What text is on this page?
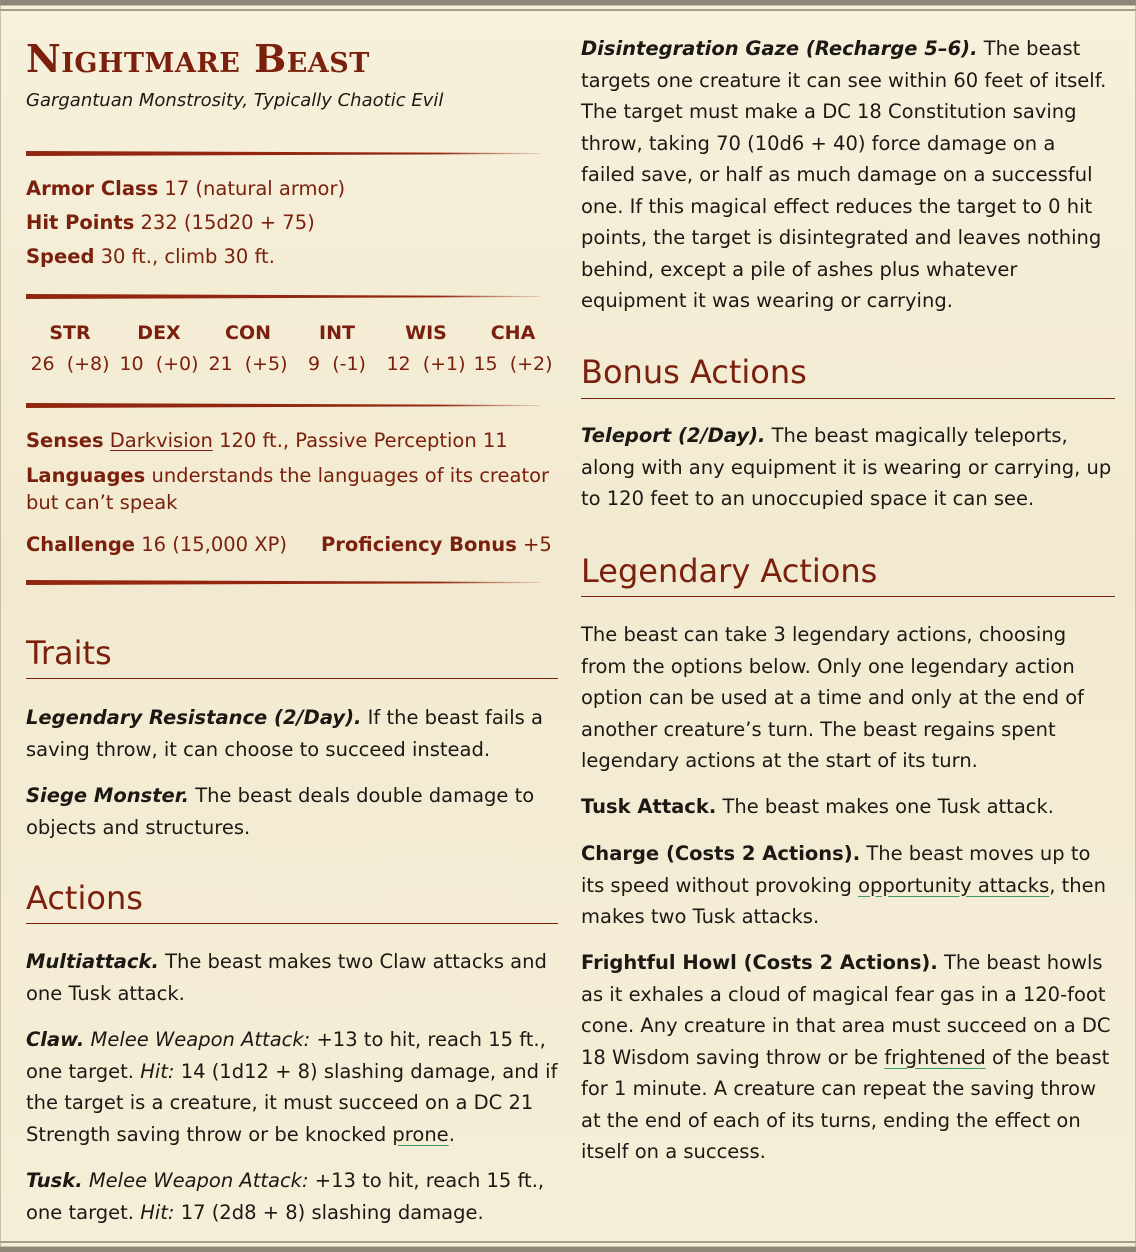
Nightmare Beast
Gargantuan Monstrosity, Typically Chaotic Evil
Armor Class 17 (natural armor)
Hit Points 232 (15d20 + 75)
Speed 30 ft., climb 30 ft.
STR
26 (+8)
DEX
10 (+0)
CON
21 (+5)
INT
9 (-1)
WIS
12 (+1)
CHA
15 (+2)
Senses Darkvision 120 ft., Passive Perception 11
Languages understands the languages of its creator but can’t speak
Challenge 16 (15,000 XP) Proficiency Bonus +5
Traits

Legendary Resistance (2/Day). If the beast fails a saving throw, it can choose to succeed instead.

Siege Monster. The beast deals double damage to objects and structures.

Actions

Multiattack. The beast makes two Claw attacks and one Tusk attack.

Claw. Melee Weapon Attack: +13 to hit, reach 15 ft., one target. Hit: 14 (1d12 + 8) slashing damage, and if the target is a creature, it must succeed on a DC 21 Strength saving throw or be knocked prone.

Tusk. Melee Weapon Attack: +13 to hit, reach 15 ft., one target. Hit: 17 (2d8 + 8) slashing damage.

Disintegration Gaze (Recharge 5–6). The beast targets one creature it can see within 60 feet of itself. The target must make a DC 18 Constitution saving throw, taking 70 (10d6 + 40) force damage on a failed save, or half as much damage on a successful one. If this magical effect reduces the target to 0 hit points, the target is disintegrated and leaves nothing behind, except a pile of ashes plus whatever equipment it was wearing or carrying.

Bonus Actions

Teleport (2/Day). The beast magically teleports, along with any equipment it is wearing or carrying, up to 120 feet to an unoccupied space it can see.

Legendary Actions

The beast can take 3 legendary actions, choosing from the options below. Only one legendary action option can be used at a time and only at the end of another creature’s turn. The beast regains spent legendary actions at the start of its turn.

Tusk Attack. The beast makes one Tusk attack.

Charge (Costs 2 Actions). The beast moves up to its speed without provoking opportunity attacks, then makes two Tusk attacks.

Frightful Howl (Costs 2 Actions). The beast howls as it exhales a cloud of magical fear gas in a 120-foot cone. Any creature in that area must succeed on a DC 18 Wisdom saving throw or be frightened of the beast for 1 minute. A creature can repeat the saving throw at the end of each of its turns, ending the effect on itself on a success.
